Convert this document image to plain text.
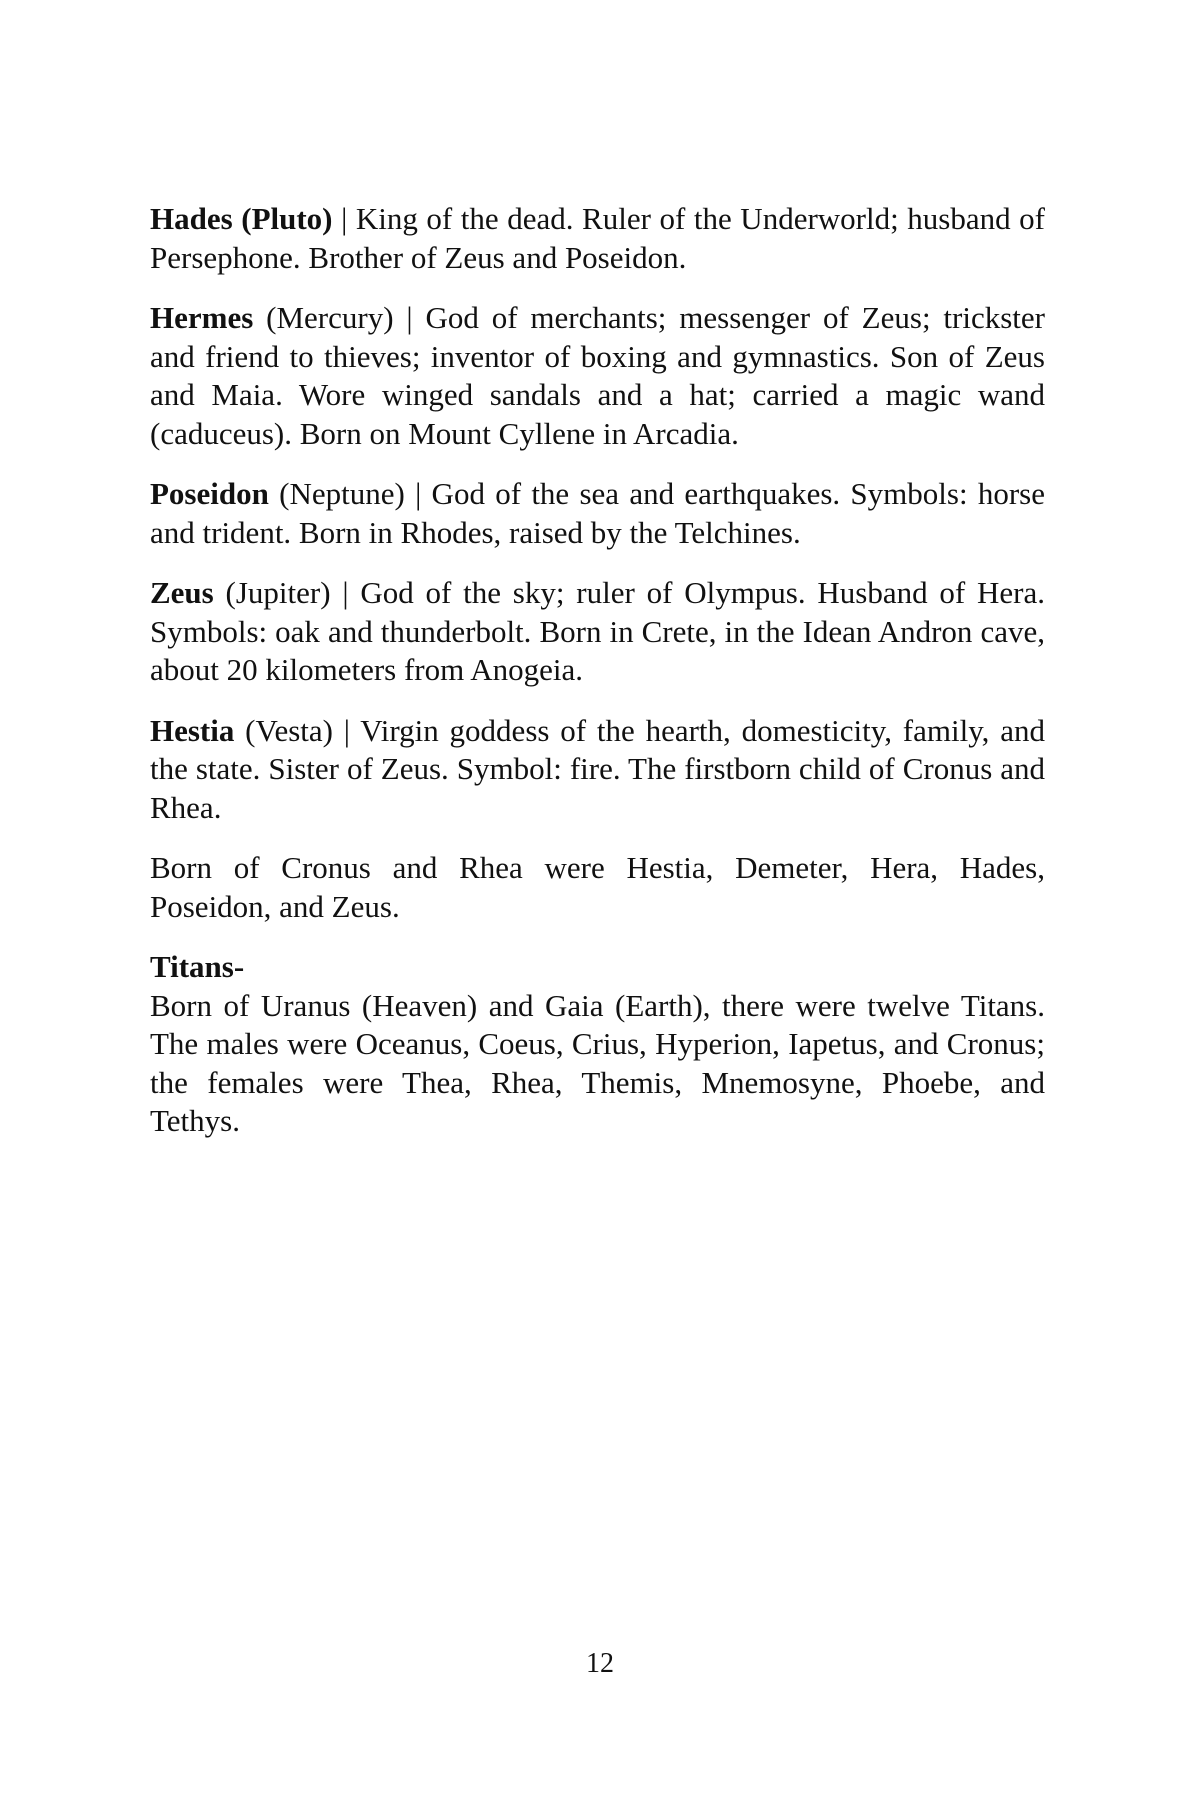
Hades (Pluto) | King of the dead. Ruler of the Underworld; husband of Persephone. Brother of Zeus and Poseidon.

Hermes (Mercury) | God of merchants; messenger of Zeus; trickster and friend to thieves; inventor of boxing and gymnastics. Son of Zeus and Maia. Wore winged sandals and a hat; carried a magic wand (caduceus). Born on Mount Cyllene in Arcadia.

Poseidon (Neptune) | God of the sea and earthquakes. Symbols: horse and trident. Born in Rhodes, raised by the Telchines.

Zeus (Jupiter) | God of the sky; ruler of Olympus. Husband of Hera. Symbols: oak and thunderbolt. Born in Crete, in the Idean Andron cave, about 20 kilometers from Anogeia.

Hestia (Vesta) | Virgin goddess of the hearth, domesticity, family, and the state. Sister of Zeus. Symbol: fire. The firstborn child of Cronus and Rhea.

Born of Cronus and Rhea were Hestia, Demeter, Hera, Hades, Poseidon, and Zeus.

Titans-

Born of Uranus (Heaven) and Gaia (Earth), there were twelve Titans. The males were Oceanus, Coeus, Crius, Hyperion, Iapetus, and Cronus; the females were Thea, Rhea, Themis, Mnemosyne, Phoebe, and Tethys.

12
